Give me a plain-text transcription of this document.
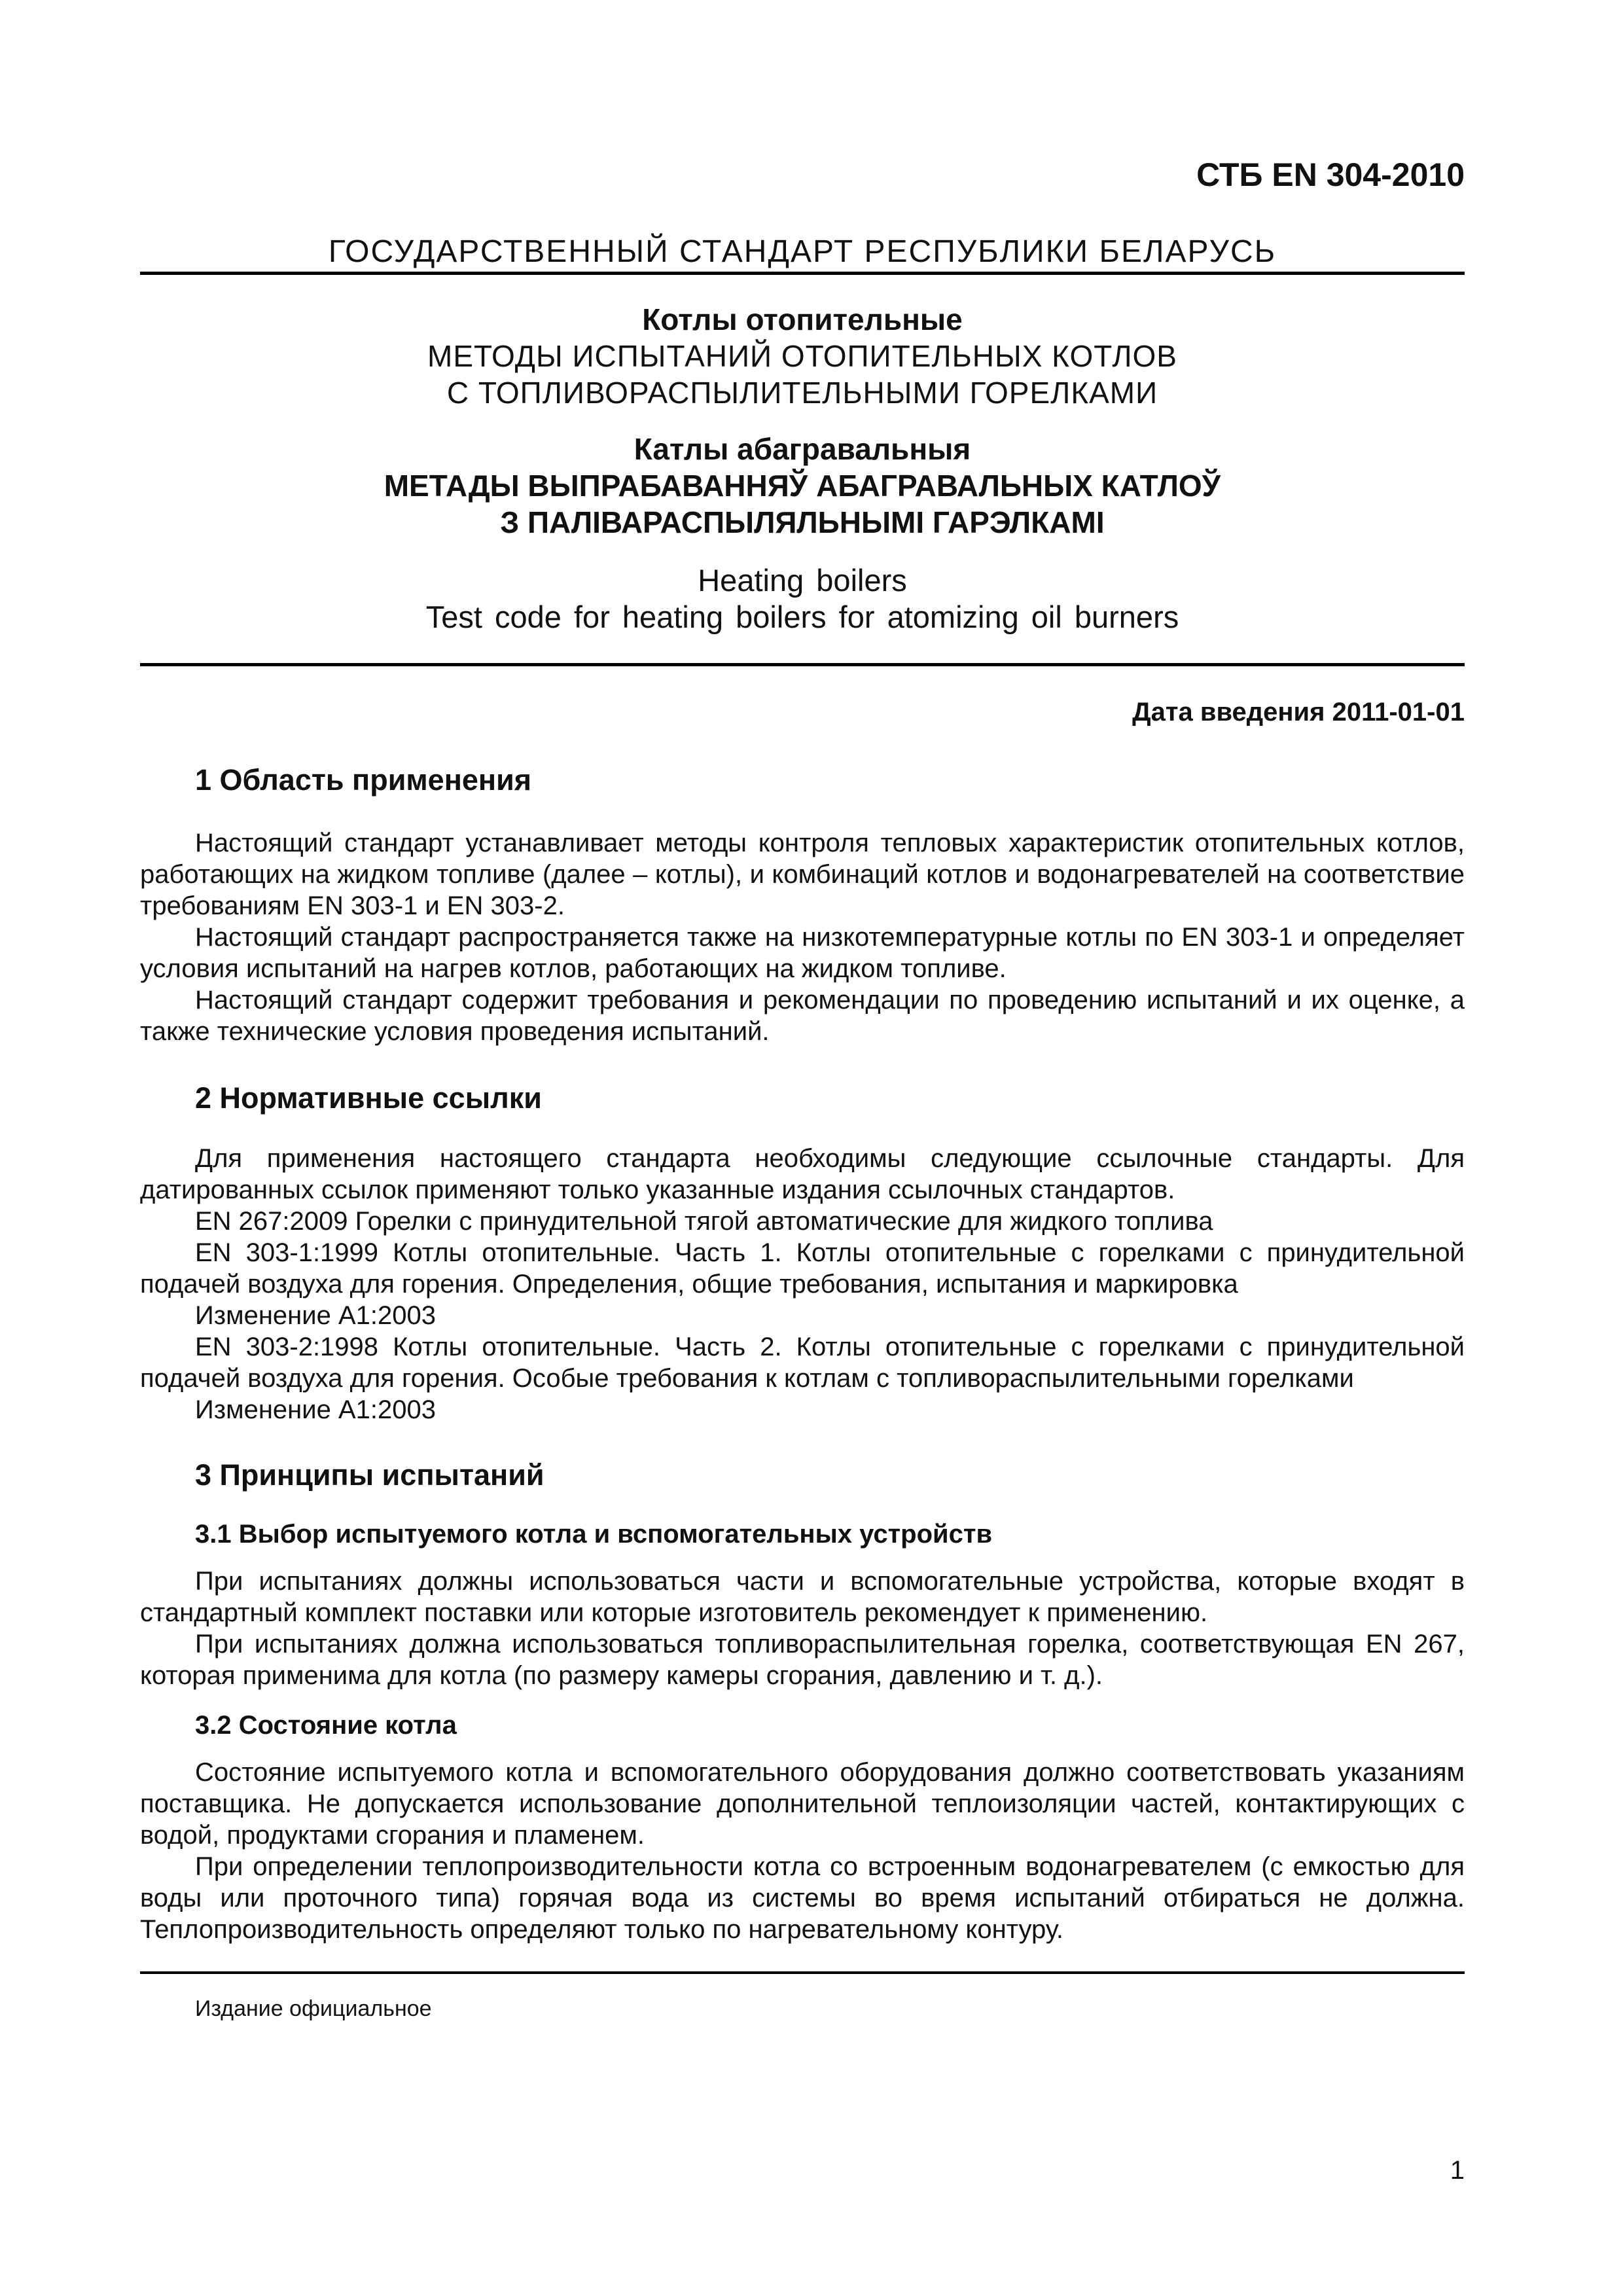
СТБ EN 304-2010
ГОСУДАРСТВЕННЫЙ СТАНДАРТ РЕСПУБЛИКИ БЕЛАРУСЬ
Котлы отопительные
МЕТОДЫ ИСПЫТАНИЙ ОТОПИТЕЛЬНЫХ КОТЛОВ
С ТОПЛИВОРАСПЫЛИТЕЛЬНЫМИ ГОРЕЛКАМИ
Катлы абагравальныя
МЕТАДЫ ВЫПРАБАВАННЯЎ АБАГРАВАЛЬНЫХ КАТЛОЎ
З ПАЛІВАРАСПЫЛЯЛЬНЫМІ ГАРЭЛКАМІ
Heating boilers
Test code for heating boilers for atomizing oil burners
Дата введения 2011-01-01
1 Область применения

Настоящий стандарт устанавливает методы контроля тепловых характеристик отопительных котлов, работающих на жидком топливе (далее – котлы), и комбинаций котлов и водонагревателей на соответствие требованиям EN 303-1 и EN 303-2.

Настоящий стандарт распространяется также на низкотемпературные котлы по EN 303-1 и определяет условия испытаний на нагрев котлов, работающих на жидком топливе.

Настоящий стандарт содержит требования и рекомендации по проведению испытаний и их оценке, а также технические условия проведения испытаний.

2 Нормативные ссылки

Для применения настоящего стандарта необходимы следующие ссылочные стандарты. Для датированных ссылок применяют только указанные издания ссылочных стандартов.

EN 267:2009 Горелки с принудительной тягой автоматические для жидкого топлива

EN 303-1:1999 Котлы отопительные. Часть 1. Котлы отопительные с горелками с принудительной подачей воздуха для горения. Определения, общие требования, испытания и маркировка

Изменение А1:2003

EN 303-2:1998 Котлы отопительные. Часть 2. Котлы отопительные с горелками с принудительной подачей воздуха для горения. Особые требования к котлам с топливораспылительными горелками

Изменение А1:2003

3 Принципы испытаний
3.1 Выбор испытуемого котла и вспомогательных устройств

При испытаниях должны использоваться части и вспомогательные устройства, которые входят в стандартный комплект поставки или которые изготовитель рекомендует к применению.

При испытаниях должна использоваться топливораспылительная горелка, соответствующая EN 267, которая применима для котла (по размеру камеры сгорания, давлению и т. д.).

3.2 Состояние котла

Состояние испытуемого котла и вспомогательного оборудования должно соответствовать указаниям поставщика. Не допускается использование дополнительной теплоизоляции частей, контактирующих с водой, продуктами сгорания и пламенем.

При определении теплопроизводительности котла со встроенным водонагревателем (с емкостью для воды или проточного типа) горячая вода из системы во время испытаний отбираться не должна. Теплопроизводительность определяют только по нагревательному контуру.

Издание официальное
1
